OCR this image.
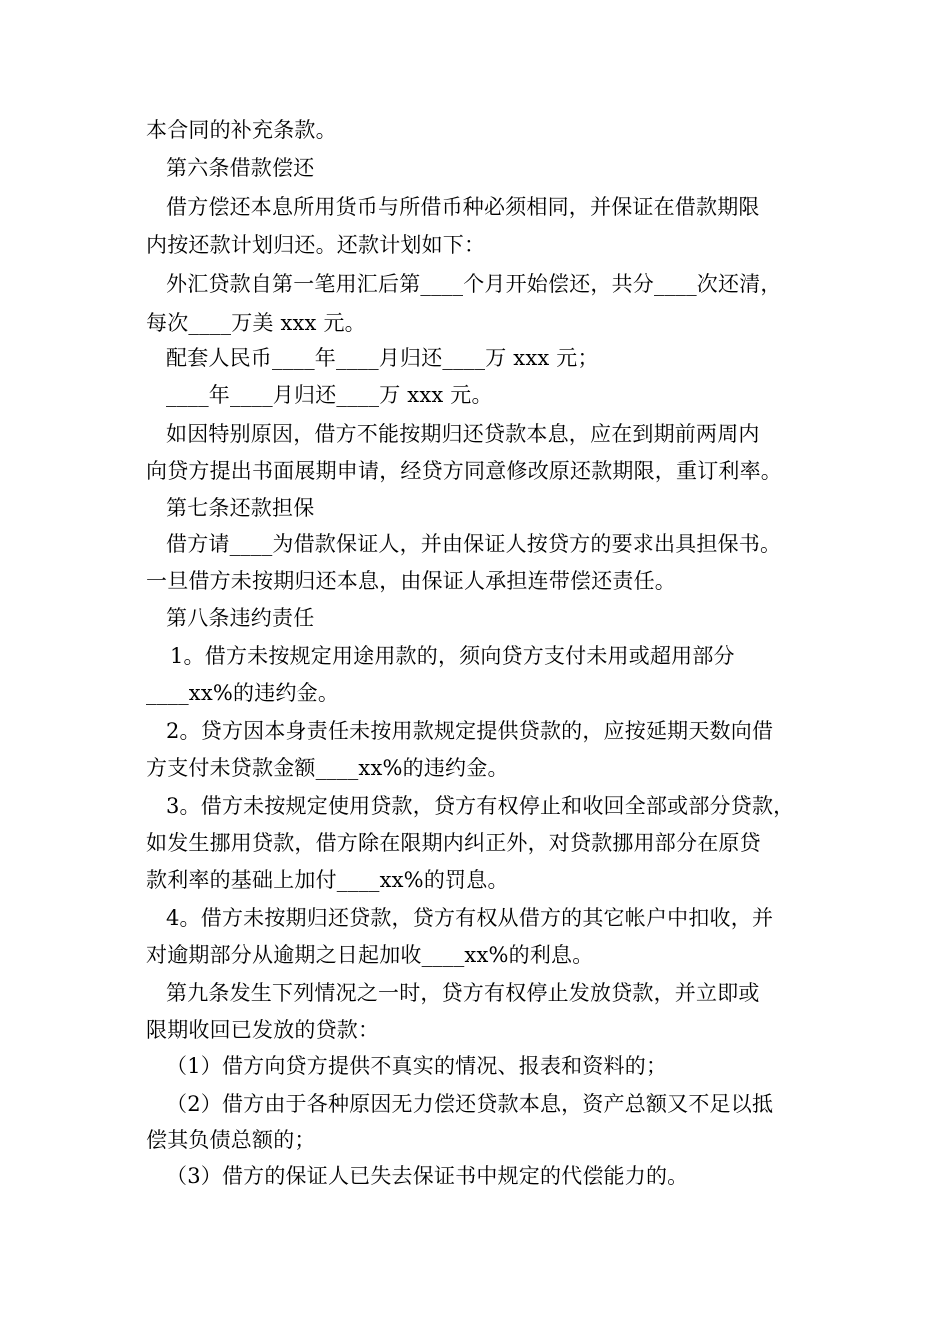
本合同的补充条款。
第六条借款偿还
借方偿还本息所用货币与所借币种必须相同，并保证在借款期限
内按还款计划归还。还款计划如下：
外汇贷款自第一笔用汇后第____个月开始偿还，共分____次还清，
每次____万美 xxx 元。
配套人民币____年____月归还____万 xxx 元；
____年____月归还____万 xxx 元。
如因特别原因，借方不能按期归还贷款本息，应在到期前两周内
向贷方提出书面展期申请，经贷方同意修改原还款期限，重订利率。
第七条还款担保
借方请____为借款保证人，并由保证人按贷方的要求出具担保书。
一旦借方未按期归还本息，由保证人承担连带偿还责任。
第八条违约责任
1。借方未按规定用途用款的，须向贷方支付未用或超用部分
____xx%的违约金。
2。贷方因本身责任未按用款规定提供贷款的，应按延期天数向借
方支付未贷款金额____xx%的违约金。
3。借方未按规定使用贷款，贷方有权停止和收回全部或部分贷款，
如发生挪用贷款，借方除在限期内纠正外，对贷款挪用部分在原贷
款利率的基础上加付____xx%的罚息。
4。借方未按期归还贷款，贷方有权从借方的其它帐户中扣收，并
对逾期部分从逾期之日起加收____xx%的利息。
第九条发生下列情况之一时，贷方有权停止发放贷款，并立即或
限期收回已发放的贷款：
（1）借方向贷方提供不真实的情况、报表和资料的；
（2）借方由于各种原因无力偿还贷款本息，资产总额又不足以抵
偿其负债总额的；
（3）借方的保证人已失去保证书中规定的代偿能力的。
